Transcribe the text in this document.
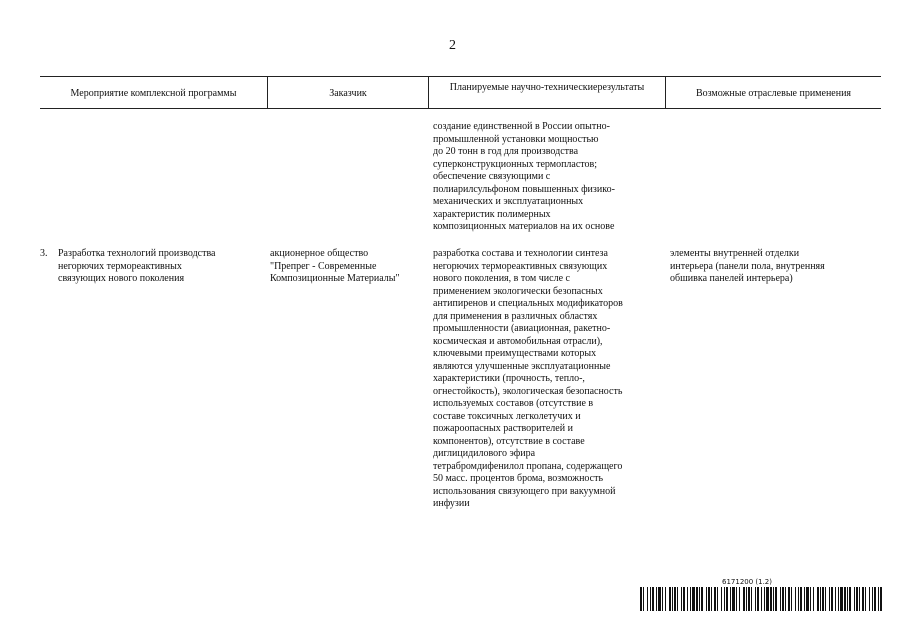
2
Мероприятие комплексной программы	Заказчик
Планируемые научно-техническиерезультаты
Возможные отраслевые применения
создание единственной в России опытно-
промышленной установки мощностью
до 20 тонн в год для производства
суперконструкционных термопластов;
обеспечение связующими с
полиарилсульфоном повышенных физико-
механических и эксплуатационных
характеристик полимерных
композиционных материалов на их основе
3.	Разработка технологий производства
негорючих термореактивных
связующих нового поколения
акционерное общество
"Препрег - Современные
Композиционные Материалы"
разработка состава и технологии синтеза
негорючих термореактивных связующих
нового поколения, в том числе с
применением экологически безопасных
антипиренов и специальных модификаторов
для применения в различных областях
промышленности (авиационная, ракетно-
космическая и автомобильная отрасли),
ключевыми преимуществами которых
являются улучшенные эксплуатационные
характеристики (прочность, тепло-,
огнестойкость), экологическая безопасность
используемых составов (отсутствие в
составе токсичных легколетучих и
пожароопасных растворителей и
компонентов), отсутствие в составе
диглицидилового эфира
тетрабромдифенилол пропана, содержащего
50 масс. процентов брома, возможность
использования связующего при вакуумной
инфузии
элементы внутренней отделки
интерьера (панели пола, внутренняя
обшивка панелей интерьера)
6171200 (1.2)
